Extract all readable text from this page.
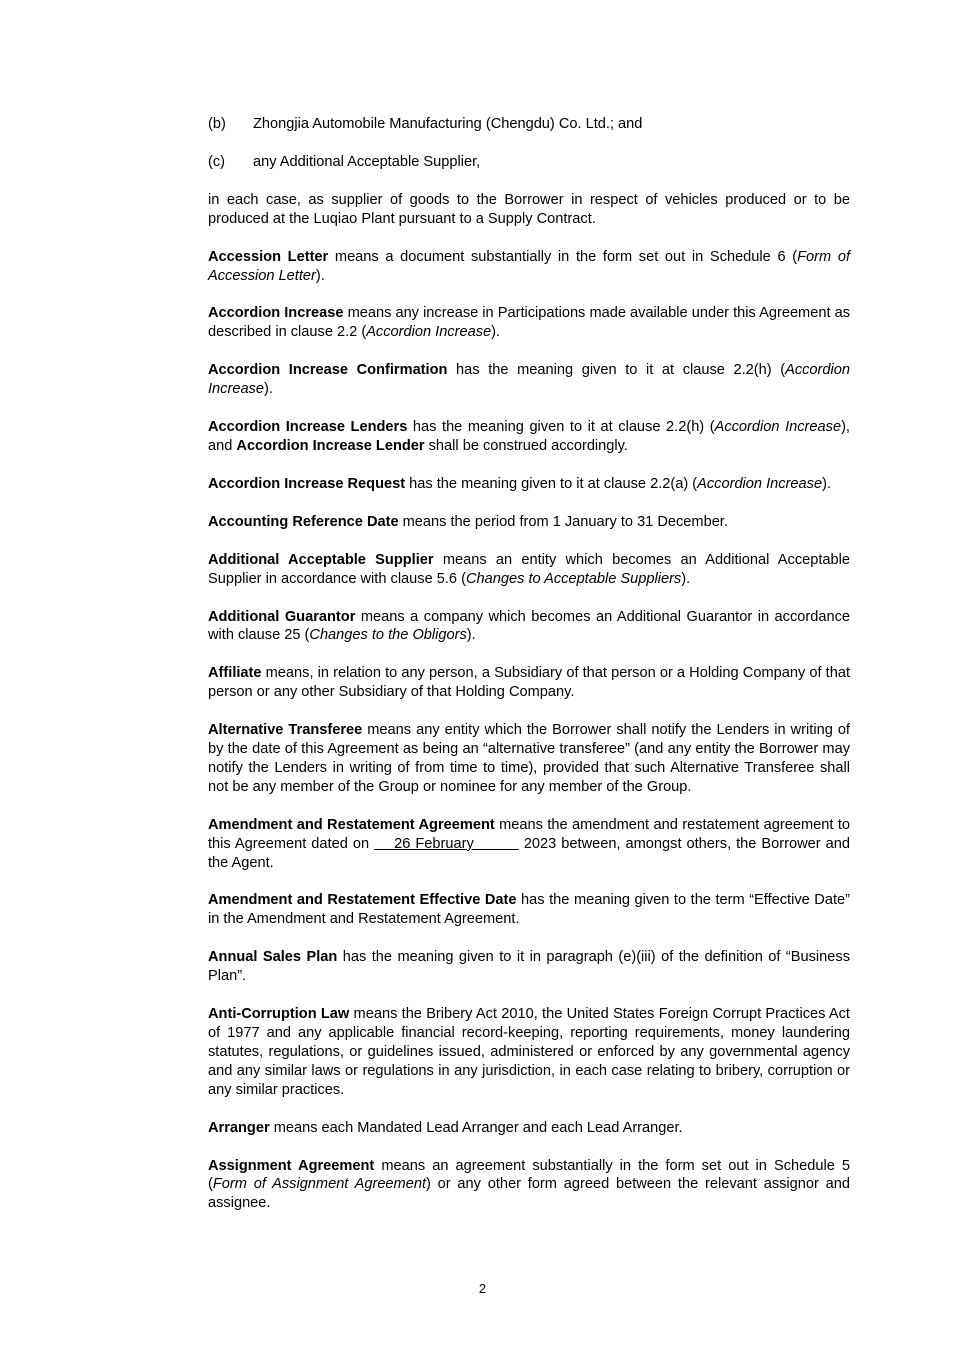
(b)	Zhongjia Automobile Manufacturing (Chengdu) Co. Ltd.; and
(c)	any Additional Acceptable Supplier,

in each case, as supplier of goods to the Borrower in respect of vehicles produced or to be produced at the Luqiao Plant pursuant to a Supply Contract.

Accession Letter means a document substantially in the form set out in Schedule 6 (Form of Accession Letter).

Accordion Increase means any increase in Participations made available under this Agreement as described in clause 2.2 (Accordion Increase).

Accordion Increase Confirmation has the meaning given to it at clause 2.2(h) (Accordion Increase).

Accordion Increase Lenders has the meaning given to it at clause 2.2(h) (Accordion Increase), and Accordion Increase Lender shall be construed accordingly.

Accordion Increase Request has the meaning given to it at clause 2.2(a) (Accordion Increase).

Accounting Reference Date means the period from 1 January to 31 December.

Additional Acceptable Supplier means an entity which becomes an Additional Acceptable Supplier in accordance with clause 5.6 (Changes to Acceptable Suppliers).

Additional Guarantor means a company which becomes an Additional Guarantor in accordance with clause 25 (Changes to the Obligors).

Affiliate means, in relation to any person, a Subsidiary of that person or a Holding Company of that person or any other Subsidiary of that Holding Company.

Alternative Transferee means any entity which the Borrower shall notify the Lenders in writing of by the date of this Agreement as being an “alternative transferee” (and any entity the Borrower may notify the Lenders in writing of from time to time), provided that such Alternative Transferee shall not be any member of the Group or nominee for any member of the Group.

Amendment and Restatement Agreement means the amendment and restatement agreement to this Agreement dated on     26 February          2023 between, amongst others, the Borrower and the Agent.

Amendment and Restatement Effective Date has the meaning given to the term “Effective Date” in the Amendment and Restatement Agreement.

Annual Sales Plan has the meaning given to it in paragraph (e)(iii) of the definition of “Business Plan”.

Anti-Corruption Law means the Bribery Act 2010, the United States Foreign Corrupt Practices Act of 1977 and any applicable financial record-keeping, reporting requirements, money laundering statutes, regulations, or guidelines issued, administered or enforced by any governmental agency and any similar laws or regulations in any jurisdiction, in each case relating to bribery, corruption or any similar practices.

Arranger means each Mandated Lead Arranger and each Lead Arranger.

Assignment Agreement means an agreement substantially in the form set out in Schedule 5 (Form of Assignment Agreement) or any other form agreed between the relevant assignor and assignee.

2
